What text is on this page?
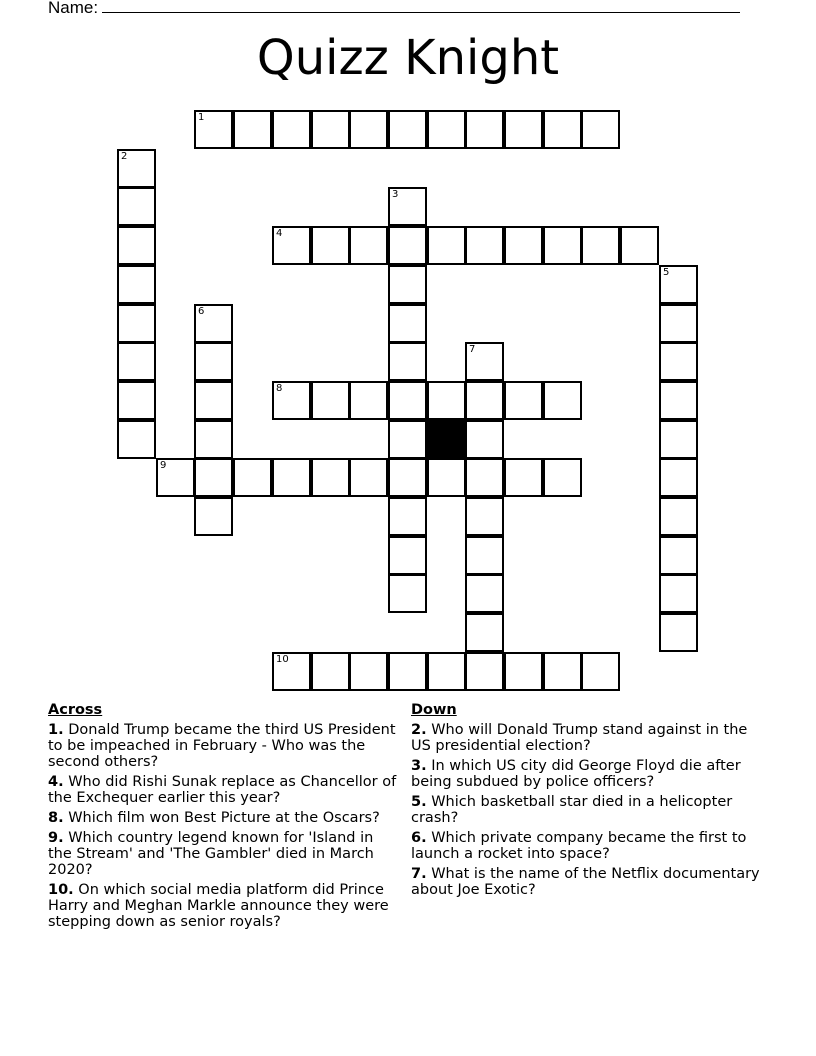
Name:
Quizz Knight
1
4
8
9
10
2
3
5
6
7
Across
1. Donald Trump became the third US President to be impeached in February - Who was the second others?
4. Who did Rishi Sunak replace as Chancellor of the Exchequer earlier this year?
8. Which film won Best Picture at the Oscars?
9. Which country legend known for 'Island in the Stream' and 'The Gambler' died in March 2020?
10. On which social media platform did Prince Harry and Meghan Markle announce they were stepping down as senior royals?
Down
2. Who will Donald Trump stand against in the US presidential election?
3. In which US city did George Floyd die after being subdued by police officers?
5. Which basketball star died in a helicopter crash?
6. Which private company became the first to launch a rocket into space?
7. What is the name of the Netflix documentary about Joe Exotic?
